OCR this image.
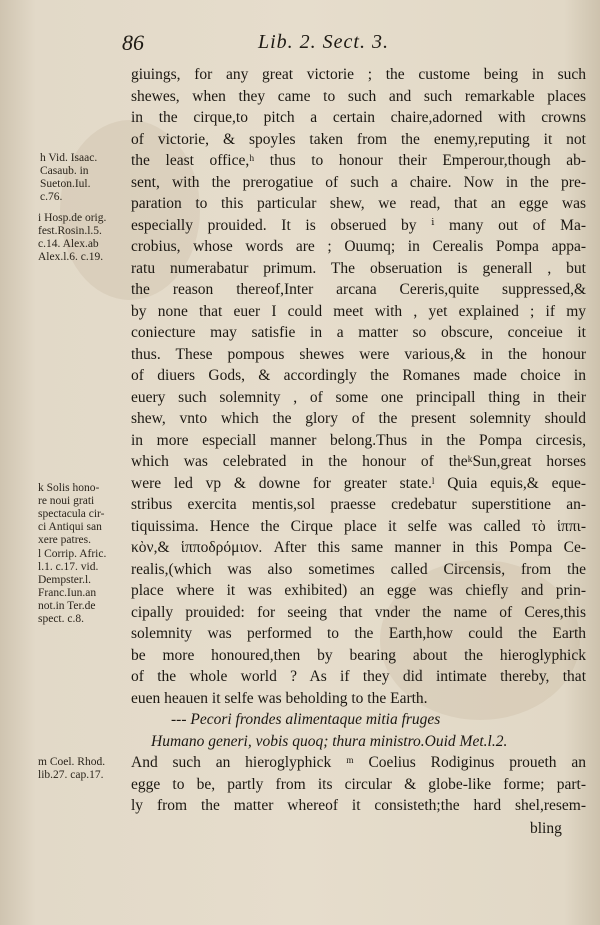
86	Lib. 2. Sect. 3.
giuings, for any great victorie ; the custome being in such
shewes, when they came to such and such remarkable places
in the cirque,to pitch a certain chaire,adorned with crowns
of victorie, & spoyles taken from the enemy,reputing it not
the least office,ʰ thus to honour their Emperour,though ab-
sent, with the prerogatiue of such a chaire. Now in the pre-
paration to this particular shew, we read, that an egge was
especially prouided. It is obserued by ⁱ many out of Ma-
crobius, whose words are ; Ouumq; in Cerealis Pompa appa-
ratu numerabatur primum. The obseruation is generall , but
the reason thereof,Inter arcana Cereris,quite suppressed,&
by none that euer I could meet with , yet explained ; if my
coniecture may satisfie in a matter so obscure, conceiue it
thus. These pompous shewes were various,& in the honour
of diuers Gods, & accordingly the Romanes made choice in
euery such solemnity , of some one principall thing in their
shew, vnto which the glory of the present solemnity should
in more especiall manner belong.Thus in the Pompa circesis,
which was celebrated in the honour of theᵏSun,great horses
were led vp & downe for greater state.ˡ Quia equis,& eque-
stribus exercita mentis,sol praesse credebatur superstitione an-
tiquissima. Hence the Cirque place it selfe was called τὸ ἱππι-
κὸν,& ἱπποδρόμιον. After this same manner in this Pompa Ce-
realis,(which was also sometimes called Circensis, from the
place where it was exhibited) an egge was chiefly and prin-
cipally prouided: for seeing that vnder the name of Ceres,this
solemnity was performed to the Earth,how could the Earth
be more honoured,then by bearing about the hieroglyphick
of the whole world ? As if they did intimate thereby, that
euen heauen it selfe was beholding to the Earth.
--- Pecori frondes alimentaque mitia fruges
Humano generi, vobis quoq; thura ministro.Ouid Met.l.2.
And such an hieroglyphick ᵐ Coelius Rodiginus proueth an
egge to be, partly from its circular & globe-like forme; part-
ly from the matter whereof it consisteth;the hard shel,resem-
bling
h Vid. Isaac.
Casaub. in
Sueton.Iul.
c.76.
i Hosp.de orig.
fest.Rosin.l.5.
c.14. Alex.ab
Alex.l.6. c.19.
k Solis hono-
re noui grati
spectacula cir-
ci Antiqui san
xere patres.
l Corrip. Afric.
l.1. c.17. vid.
Dempster.l.
Franc.Iun.an
not.in Ter.de
spect. c.8.
m Coel. Rhod.
lib.27. cap.17.
